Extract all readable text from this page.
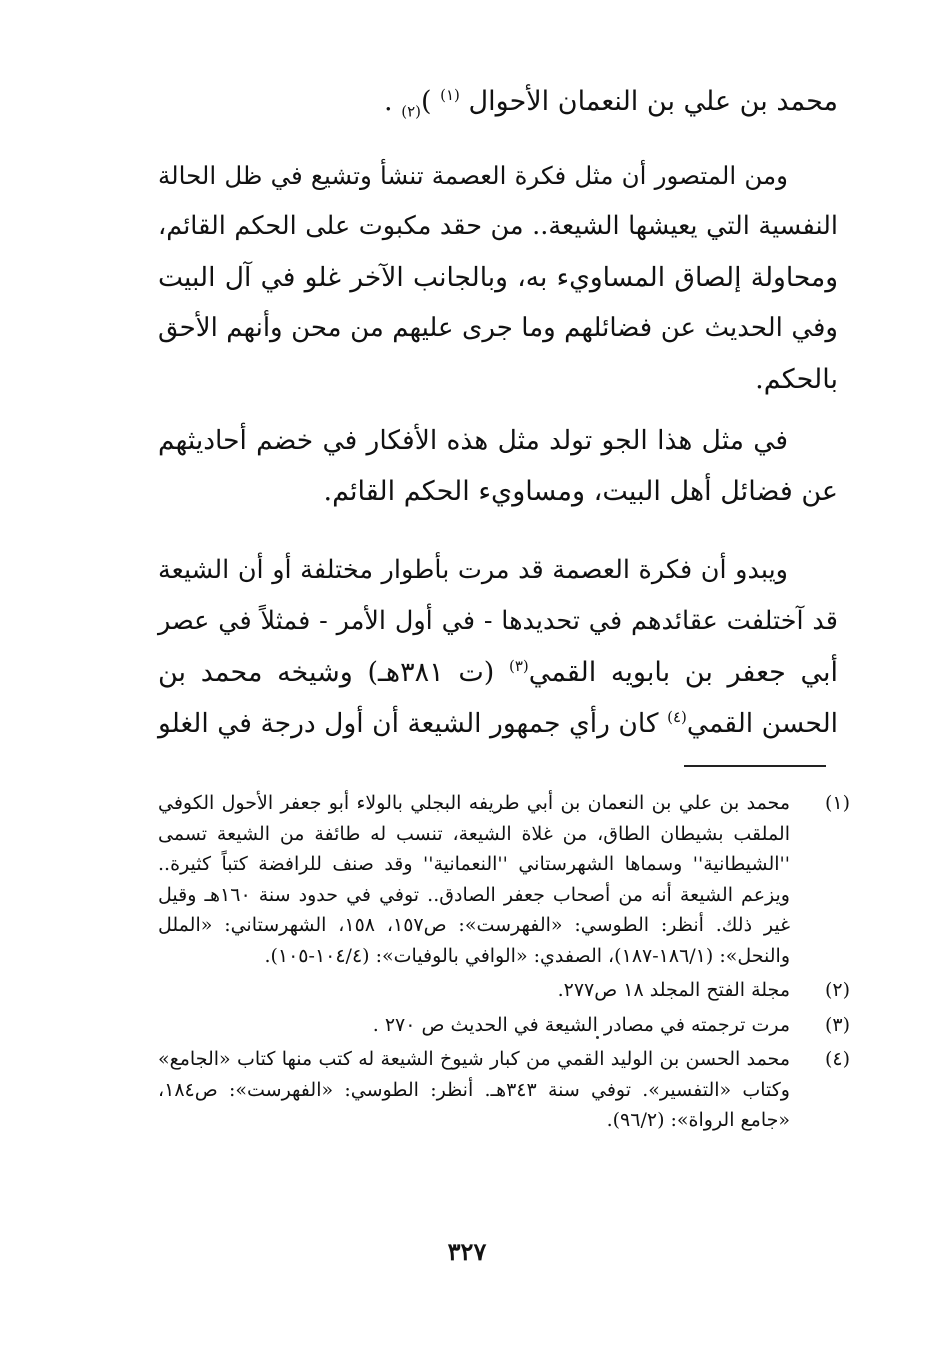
محمد بن علي بن النعمان الأحوال $^{(١)}$ )$_{(٢)}$ .
ومن المتصور أن مثل فكرة العصمة تنشأ وتشيع في ظل الحالة
النفسية التي يعيشها الشيعة.. من حقد مكبوت على الحكم القائم،
ومحاولة إلصاق المساويء به، وبالجانب الآخر غلو في آل البيت
وفي الحديث عن فضائلهم وما جرى عليهم من محن وأنهم الأحق
بالحكم.
في مثل هذا الجو تولد مثل هذه الأفكار في خضم أحاديثهم
عن فضائل أهل البيت، ومساويء الحكم القائم.
ويبدو أن فكرة العصمة قد مرت بأطوار مختلفة أو أن الشيعة
قد آختلفت عقائدهم في تحديدها - في أول الأمر - فمثلاً في عصر
أبي جعفر بن بابويه القمي$^{(٣)}$ (ت ٣٨١هـ) وشيخه محمد بن
الحسن القمي$^{(٤)}$ كان رأي جمهور الشيعة أن أول درجة في الغلو
(١)
محمد بن علي بن النعمان بن أبي طريفه البجلي بالولاء أبو جعفر الأحول الكوفي
الملقب بشيطان الطاق، من غلاة الشيعة، تنسب له طائفة من الشيعة تسمى
''الشيطانية'' وسماها الشهرستاني ''النعمانية'' وقد صنف للرافضة كتباً كثيرة..
ويزعم الشيعة أنه من أصحاب جعفر الصادق.. توفي في حدود سنة ١٦٠هـ وقيل
غير ذلك. أنظر: الطوسي: «الفهرست»: ص١٥٧، ١٥٨، الشهرستاني: «الملل
والنحل»: (١٨٦/١-١٨٧)، الصفدي: «الوافي بالوفيات»: (١٠٤/٤-١٠٥).
(٢)
مجلة الفتح المجلد ١٨ ص٢٧٧.
(٣)
مرت ترجمته في مصادر الشيعة في الحديث ص ٢٧٠ .
(٤)
محمد الحسن بن الوليد القمي من كبار شيوخ الشيعة له كتب منها كتاب «الجامع»
وكتاب «التفسير». توفي سنة ٣٤٣هـ. أنظر: الطوسي: «الفهرست»: ص١٨٤،
«جامع الرواة»: (٩٦/٢).
٣٢٧
